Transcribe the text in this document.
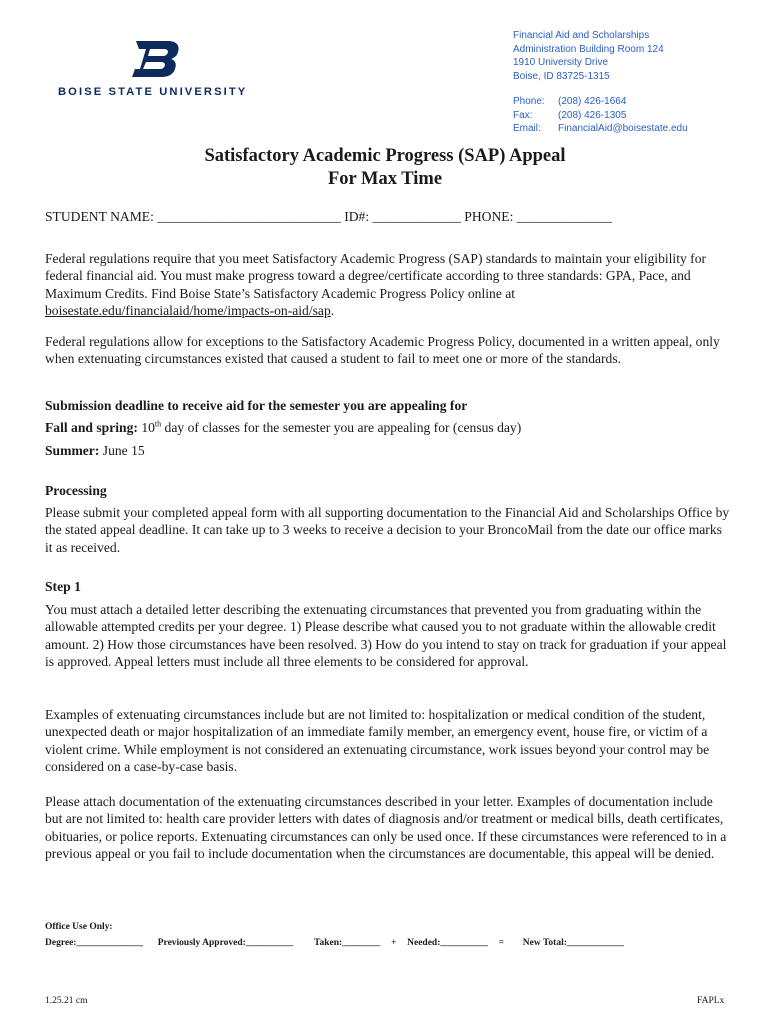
BOISE STATE UNIVERSITY
Financial Aid and Scholarships
Administration Building Room 124
1910 University Drive
Boise, ID 83725-1315
Phone: (208) 426-1664
Fax:	(208) 426-1305
Email: FinancialAid@boisestate.edu
Satisfactory Academic Progress (SAP) Appeal
For Max Time
STUDENT NAME: ___________________________ ID#: _____________ PHONE: ______________
Federal regulations require that you meet Satisfactory Academic Progress (SAP) standards to maintain your eligibility for federal financial aid. You must make progress toward a degree/certificate according to three standards: GPA, Pace, and Maximum Credits. Find Boise State’s Satisfactory Academic Progress Policy online at boisestate.edu/financialaid/home/impacts-on-aid/sap.
Federal regulations allow for exceptions to the Satisfactory Academic Progress Policy, documented in a written appeal, only when extenuating circumstances existed that caused a student to fail to meet one or more of the standards.
Submission deadline to receive aid for the semester you are appealing for
Fall and spring: 10th day of classes for the semester you are appealing for (census day)
Summer: June 15
Processing
Please submit your completed appeal form with all supporting documentation to the Financial Aid and Scholarships Office by the stated appeal deadline. It can take up to 3 weeks to receive a decision to your BroncoMail from the date our office marks it as received.
Step 1
You must attach a detailed letter describing the extenuating circumstances that prevented you from graduating within the allowable attempted credits per your degree. 1) Please describe what caused you to not graduate within the allowable credit amount. 2) How those circumstances have been resolved. 3) How do you intend to stay on track for graduation if your appeal is approved. Appeal letters must include all three elements to be considered for approval.
Examples of extenuating circumstances include but are not limited to: hospitalization or medical condition of the student, unexpected death or major hospitalization of an immediate family member, an emergency event, house fire, or victim of a violent crime. While employment is not considered an extenuating circumstance, work issues beyond your control may be considered on a case-by-case basis.
Please attach documentation of the extenuating circumstances described in your letter. Examples of documentation include but are not limited to: health care provider letters with dates of diagnosis and/or treatment or medical bills, death certificates, obituaries, or police reports. Extenuating circumstances can only be used once. If these circumstances were referenced to in a previous appeal or you fail to include documentation when the circumstances are documentable, this appeal will be denied.
Office Use Only:
Degree:______________ Previously Approved:__________ Taken:________ + Needed:__________ = New Total:____________
1.25.21 cm	FAPLx
